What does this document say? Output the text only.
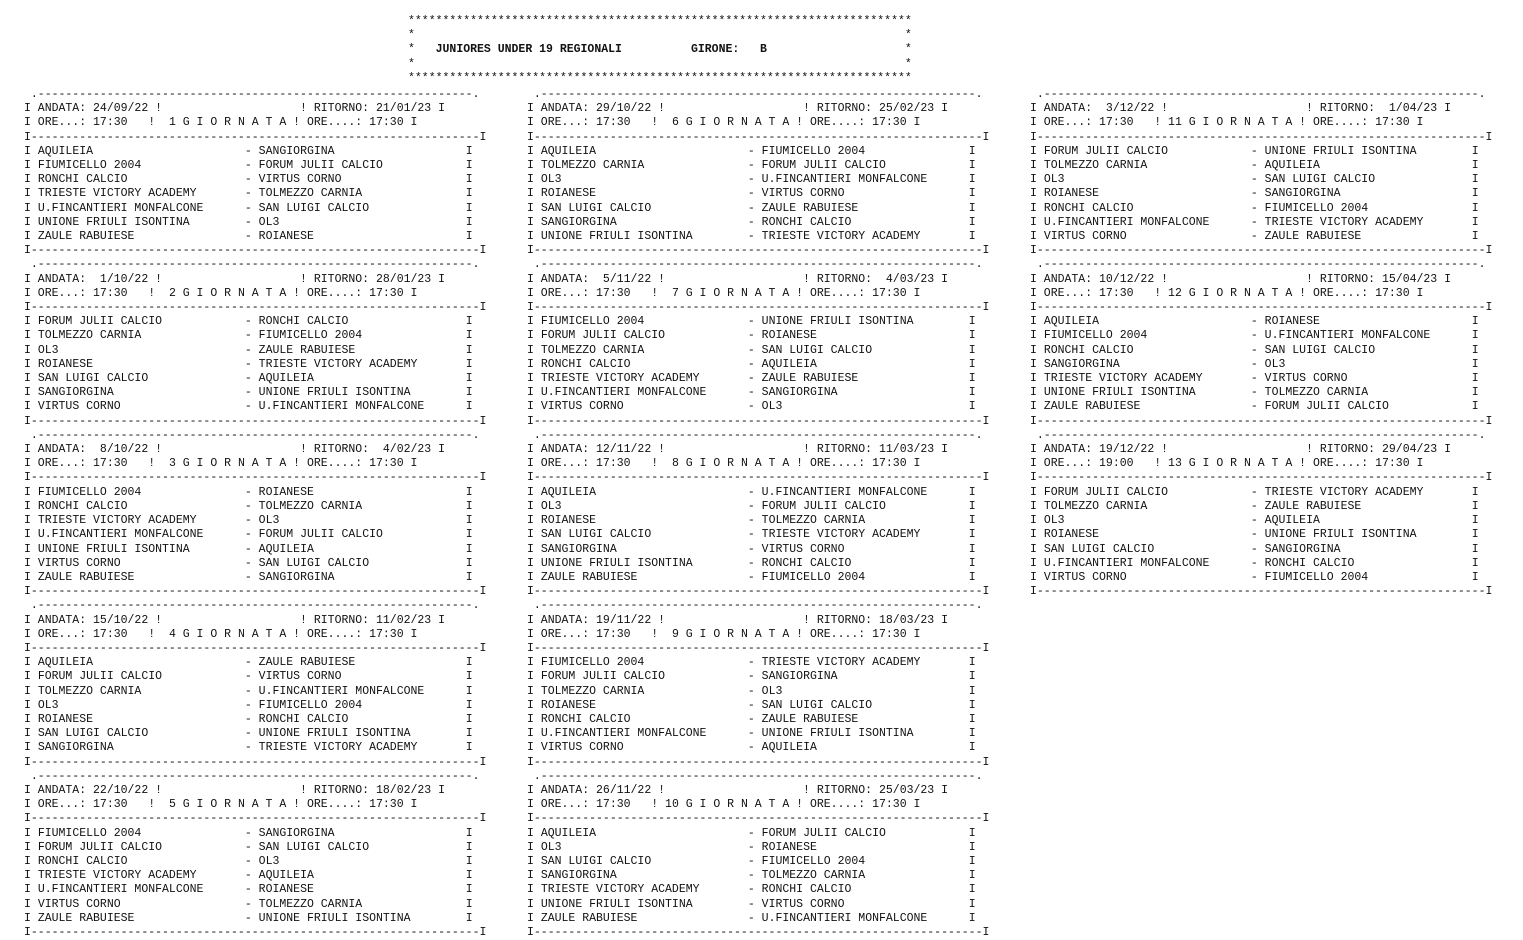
*************************************************************************
*                                                                       *
*   JUNIORES UNDER 19 REGIONALI	GIRONE: B	*
*                                                                       *
*************************************************************************
.---------------------------------------------------------------.
I ANDATA: 24/09/22 !                    ! RITORNO: 21/01/23 I
I ORE...: 17:30   !  1 G I O R N A T A ! ORE....: 17:30 I
I-----------------------------------------------------------------I
I AQUILEIA                      - SANGIORGINA                   I
I FIUMICELLO 2004               - FORUM JULII CALCIO            I
I RONCHI CALCIO                 - VIRTUS CORNO                  I
I TRIESTE VICTORY ACADEMY       - TOLMEZZO CARNIA               I
I U.FINCANTIERI MONFALCONE      - SAN LUIGI CALCIO              I
I UNIONE FRIULI ISONTINA        - OL3                           I
I ZAULE RABUIESE                - ROIANESE                      I
I-----------------------------------------------------------------I
.---------------------------------------------------------------.
I ANDATA:  1/10/22 !                    ! RITORNO: 28/01/23 I
I ORE...: 17:30   !  2 G I O R N A T A ! ORE....: 17:30 I
I-----------------------------------------------------------------I
I FORUM JULII CALCIO            - RONCHI CALCIO                 I
I TOLMEZZO CARNIA               - FIUMICELLO 2004               I
I OL3                           - ZAULE RABUIESE                I
I ROIANESE                      - TRIESTE VICTORY ACADEMY       I
I SAN LUIGI CALCIO              - AQUILEIA                      I
I SANGIORGINA                   - UNIONE FRIULI ISONTINA        I
I VIRTUS CORNO                  - U.FINCANTIERI MONFALCONE      I
I-----------------------------------------------------------------I
.---------------------------------------------------------------.
I ANDATA:  8/10/22 !                    ! RITORNO:  4/02/23 I
I ORE...: 17:30   !  3 G I O R N A T A ! ORE....: 17:30 I
I-----------------------------------------------------------------I
I FIUMICELLO 2004               - ROIANESE                      I
I RONCHI CALCIO                 - TOLMEZZO CARNIA               I
I TRIESTE VICTORY ACADEMY       - OL3                           I
I U.FINCANTIERI MONFALCONE      - FORUM JULII CALCIO            I
I UNIONE FRIULI ISONTINA        - AQUILEIA                      I
I VIRTUS CORNO                  - SAN LUIGI CALCIO              I
I ZAULE RABUIESE                - SANGIORGINA                   I
I-----------------------------------------------------------------I
.---------------------------------------------------------------.
I ANDATA: 15/10/22 !                    ! RITORNO: 11/02/23 I
I ORE...: 17:30   !  4 G I O R N A T A ! ORE....: 17:30 I
I-----------------------------------------------------------------I
I AQUILEIA                      - ZAULE RABUIESE                I
I FORUM JULII CALCIO            - VIRTUS CORNO                  I
I TOLMEZZO CARNIA               - U.FINCANTIERI MONFALCONE      I
I OL3                           - FIUMICELLO 2004               I
I ROIANESE                      - RONCHI CALCIO                 I
I SAN LUIGI CALCIO              - UNIONE FRIULI ISONTINA        I
I SANGIORGINA                   - TRIESTE VICTORY ACADEMY       I
I-----------------------------------------------------------------I
.---------------------------------------------------------------.
I ANDATA: 22/10/22 !                    ! RITORNO: 18/02/23 I
I ORE...: 17:30   !  5 G I O R N A T A ! ORE....: 17:30 I
I-----------------------------------------------------------------I
I FIUMICELLO 2004               - SANGIORGINA                   I
I FORUM JULII CALCIO            - SAN LUIGI CALCIO              I
I RONCHI CALCIO                 - OL3                           I
I TRIESTE VICTORY ACADEMY       - AQUILEIA                      I
I U.FINCANTIERI MONFALCONE      - ROIANESE                      I
I VIRTUS CORNO                  - TOLMEZZO CARNIA               I
I ZAULE RABUIESE                - UNIONE FRIULI ISONTINA        I
I-----------------------------------------------------------------I
.---------------------------------------------------------------.
I ANDATA: 29/10/22 !                    ! RITORNO: 25/02/23 I
I ORE...: 17:30   !  6 G I O R N A T A ! ORE....: 17:30 I
I-----------------------------------------------------------------I
I AQUILEIA                      - FIUMICELLO 2004               I
I TOLMEZZO CARNIA               - FORUM JULII CALCIO            I
I OL3                           - U.FINCANTIERI MONFALCONE      I
I ROIANESE                      - VIRTUS CORNO                  I
I SAN LUIGI CALCIO              - ZAULE RABUIESE                I
I SANGIORGINA                   - RONCHI CALCIO                 I
I UNIONE FRIULI ISONTINA        - TRIESTE VICTORY ACADEMY       I
I-----------------------------------------------------------------I
.---------------------------------------------------------------.
I ANDATA:  5/11/22 !                    ! RITORNO:  4/03/23 I
I ORE...: 17:30   !  7 G I O R N A T A ! ORE....: 17:30 I
I-----------------------------------------------------------------I
I FIUMICELLO 2004               - UNIONE FRIULI ISONTINA        I
I FORUM JULII CALCIO            - ROIANESE                      I
I TOLMEZZO CARNIA               - SAN LUIGI CALCIO              I
I RONCHI CALCIO                 - AQUILEIA                      I
I TRIESTE VICTORY ACADEMY       - ZAULE RABUIESE                I
I U.FINCANTIERI MONFALCONE      - SANGIORGINA                   I
I VIRTUS CORNO                  - OL3                           I
I-----------------------------------------------------------------I
.---------------------------------------------------------------.
I ANDATA: 12/11/22 !                    ! RITORNO: 11/03/23 I
I ORE...: 17:30   !  8 G I O R N A T A ! ORE....: 17:30 I
I-----------------------------------------------------------------I
I AQUILEIA                      - U.FINCANTIERI MONFALCONE      I
I OL3                           - FORUM JULII CALCIO            I
I ROIANESE                      - TOLMEZZO CARNIA               I
I SAN LUIGI CALCIO              - TRIESTE VICTORY ACADEMY       I
I SANGIORGINA                   - VIRTUS CORNO                  I
I UNIONE FRIULI ISONTINA        - RONCHI CALCIO                 I
I ZAULE RABUIESE                - FIUMICELLO 2004               I
I-----------------------------------------------------------------I
.---------------------------------------------------------------.
I ANDATA: 19/11/22 !                    ! RITORNO: 18/03/23 I
I ORE...: 17:30   !  9 G I O R N A T A ! ORE....: 17:30 I
I-----------------------------------------------------------------I
I FIUMICELLO 2004               - TRIESTE VICTORY ACADEMY       I
I FORUM JULII CALCIO            - SANGIORGINA                   I
I TOLMEZZO CARNIA               - OL3                           I
I ROIANESE                      - SAN LUIGI CALCIO              I
I RONCHI CALCIO                 - ZAULE RABUIESE                I
I U.FINCANTIERI MONFALCONE      - UNIONE FRIULI ISONTINA        I
I VIRTUS CORNO                  - AQUILEIA                      I
I-----------------------------------------------------------------I
.---------------------------------------------------------------.
I ANDATA: 26/11/22 !                    ! RITORNO: 25/03/23 I
I ORE...: 17:30   ! 10 G I O R N A T A ! ORE....: 17:30 I
I-----------------------------------------------------------------I
I AQUILEIA                      - FORUM JULII CALCIO            I
I OL3                           - ROIANESE                      I
I SAN LUIGI CALCIO              - FIUMICELLO 2004               I
I SANGIORGINA                   - TOLMEZZO CARNIA               I
I TRIESTE VICTORY ACADEMY       - RONCHI CALCIO                 I
I UNIONE FRIULI ISONTINA        - VIRTUS CORNO                  I
I ZAULE RABUIESE                - U.FINCANTIERI MONFALCONE      I
I-----------------------------------------------------------------I
.---------------------------------------------------------------.
I ANDATA:  3/12/22 !                    ! RITORNO:  1/04/23 I
I ORE...: 17:30   ! 11 G I O R N A T A ! ORE....: 17:30 I
I-----------------------------------------------------------------I
I FORUM JULII CALCIO            - UNIONE FRIULI ISONTINA        I
I TOLMEZZO CARNIA               - AQUILEIA                      I
I OL3                           - SAN LUIGI CALCIO              I
I ROIANESE                      - SANGIORGINA                   I
I RONCHI CALCIO                 - FIUMICELLO 2004               I
I U.FINCANTIERI MONFALCONE      - TRIESTE VICTORY ACADEMY       I
I VIRTUS CORNO                  - ZAULE RABUIESE                I
I-----------------------------------------------------------------I
.---------------------------------------------------------------.
I ANDATA: 10/12/22 !                    ! RITORNO: 15/04/23 I
I ORE...: 17:30   ! 12 G I O R N A T A ! ORE....: 17:30 I
I-----------------------------------------------------------------I
I AQUILEIA                      - ROIANESE                      I
I FIUMICELLO 2004               - U.FINCANTIERI MONFALCONE      I
I RONCHI CALCIO                 - SAN LUIGI CALCIO              I
I SANGIORGINA                   - OL3                           I
I TRIESTE VICTORY ACADEMY       - VIRTUS CORNO                  I
I UNIONE FRIULI ISONTINA        - TOLMEZZO CARNIA               I
I ZAULE RABUIESE                - FORUM JULII CALCIO            I
I-----------------------------------------------------------------I
.---------------------------------------------------------------.
I ANDATA: 19/12/22 !                    ! RITORNO: 29/04/23 I
I ORE...: 19:00   ! 13 G I O R N A T A ! ORE....: 17:30 I
I-----------------------------------------------------------------I
I FORUM JULII CALCIO            - TRIESTE VICTORY ACADEMY       I
I TOLMEZZO CARNIA               - ZAULE RABUIESE                I
I OL3                           - AQUILEIA                      I
I ROIANESE                      - UNIONE FRIULI ISONTINA        I
I SAN LUIGI CALCIO              - SANGIORGINA                   I
I U.FINCANTIERI MONFALCONE      - RONCHI CALCIO                 I
I VIRTUS CORNO                  - FIUMICELLO 2004               I
I-----------------------------------------------------------------I
